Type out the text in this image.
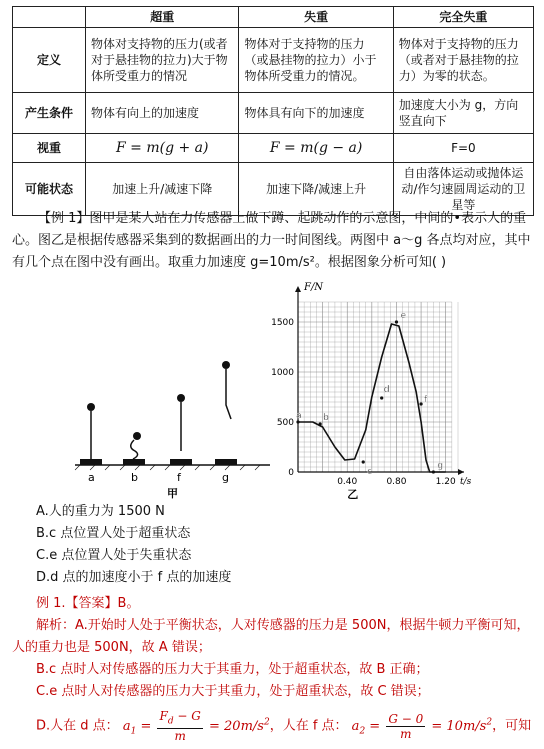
	超重	失重	完全失重
定义	物体对支持物的压力(或者对于悬挂物的拉力)大于物体所受重力的情况	物体对于支持物的压力（或悬挂物的拉力）小于物体所受重力的情况。	物体对于支持物的压力（或者对于悬挂物的拉力）为零的状态。
产生条件	物体有向上的加速度	物体具有向下的加速度	加速度大小为 g，方向竖直向下
视重	F = m(g + a)	F = m(g − a)	F=0
可能状态	加速上升/减速下降	加速下降/减速上升	自由落体运动或抛体运动/作匀速圆周运动的卫星等
【例 1】图甲是某人站在力传感器上做下蹲、起跳动作的示意图，中间的•表示人的重心。图乙是根据传感器采集到的数据画出的力一时间图线。两图中 a～g 各点均对应，其中有几个点在图中没有画出。取重力加速度 g=10m/s²。根据图象分析可知( )
a	b	f	g
甲
0
500
1000
1500
0.40	0.80	1.20
F/N
t/s
a b
c
d
e
f
g
乙
A.人的重力为 1500 N
B.c 点位置人处于超重状态
C.e 点位置人处于失重状态
D.d 点的加速度小于 f 点的加速度
例 1.【答案】B。
解析：A.开始时人处于平衡状态，人对传感器的压力是 500N，根据牛顿力平衡可知，人的重力也是 500N，故 A 错误；
B.c 点时人对传感器的压力大于其重力，处于超重状态，故 B 正确；
C.e 点时人对传感器的压力大于其重力，处于超重状态，故 C 错误；
D.人在 d 点： $a_1 = \frac{F_d - G}{m} = 20m/s^2$，人在 f 点： $a_2 = \frac{G - 0}{m} = 10m/s^2$，可知
